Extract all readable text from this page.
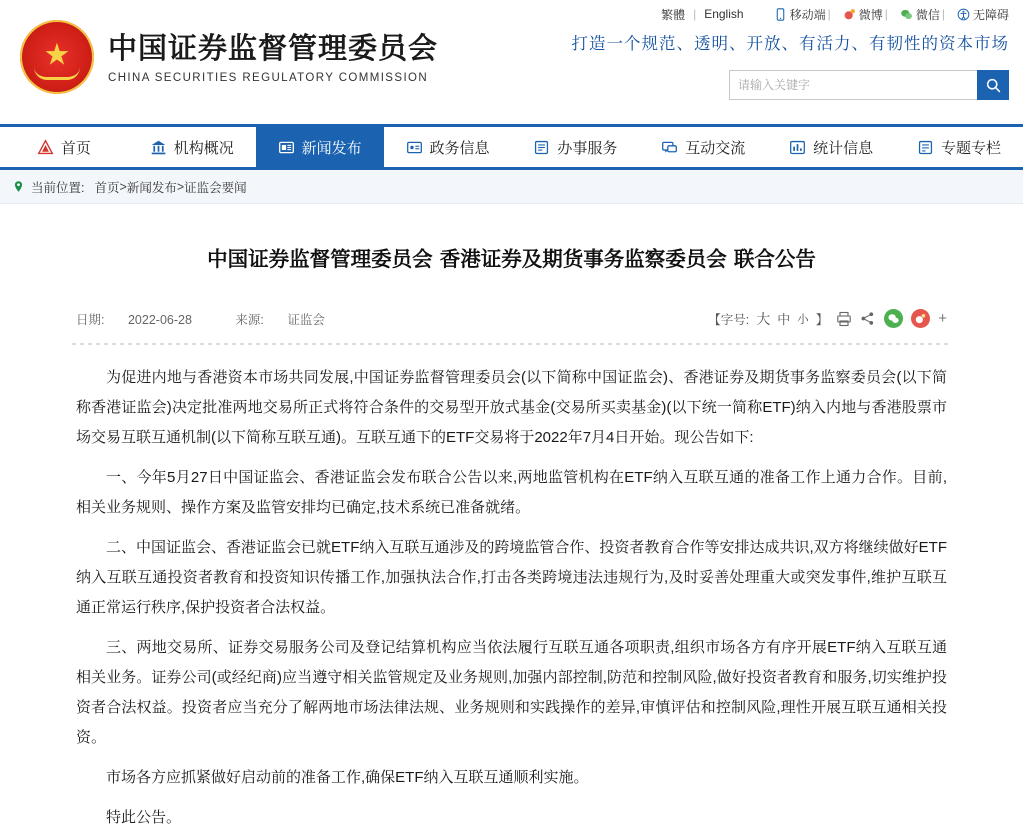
繁體 | English	移动端 | 微博 | 微信 | 无障碍
★
中国证券监督管理委员会
CHINA SECURITIES REGULATORY COMMISSION
打造一个规范、透明、开放、有活力、有韧性的资本市场
请输入关键字
首页	机构概况	新闻发布	政务信息	办事服务	互动交流	统计信息	专题专栏
当前位置: 首页 > 新闻发布 > 证监会要闻
中国证券监督管理委员会 香港证券及期货事务监察委员会 联合公告
日期: 2022-06-28	来源: 证监会	【字号: 大 中 小 】	+

为促进内地与香港资本市场共同发展,中国证券监督管理委员会(以下简称中国证监会)、香港证券及期货事务监察委员会(以下简称香港证监会)决定批准两地交易所正式将符合条件的交易型开放式基金(交易所买卖基金)(以下统一简称ETF)纳入内地与香港股票市场交易互联互通机制(以下简称互联互通)。互联互通下的ETF交易将于2022年7月4日开始。现公告如下:

一、今年5月27日中国证监会、香港证监会发布联合公告以来,两地监管机构在ETF纳入互联互通的准备工作上通力合作。目前,相关业务规则、操作方案及监管安排均已确定,技术系统已准备就绪。

二、中国证监会、香港证监会已就ETF纳入互联互通涉及的跨境监管合作、投资者教育合作等安排达成共识,双方将继续做好ETF纳入互联互通投资者教育和投资知识传播工作,加强执法合作,打击各类跨境违法违规行为,及时妥善处理重大或突发事件,维护互联互通正常运行秩序,保护投资者合法权益。

三、两地交易所、证券交易服务公司及登记结算机构应当依法履行互联互通各项职责,组织市场各方有序开展ETF纳入互联互通相关业务。证券公司(或经纪商)应当遵守相关监管规定及业务规则,加强内部控制,防范和控制风险,做好投资者教育和服务,切实维护投资者合法权益。投资者应当充分了解两地市场法律法规、业务规则和实践操作的差异,审慎评估和控制风险,理性开展互联互通相关投资。

市场各方应抓紧做好启动前的准备工作,确保ETF纳入互联互通顺利实施。

特此公告。
